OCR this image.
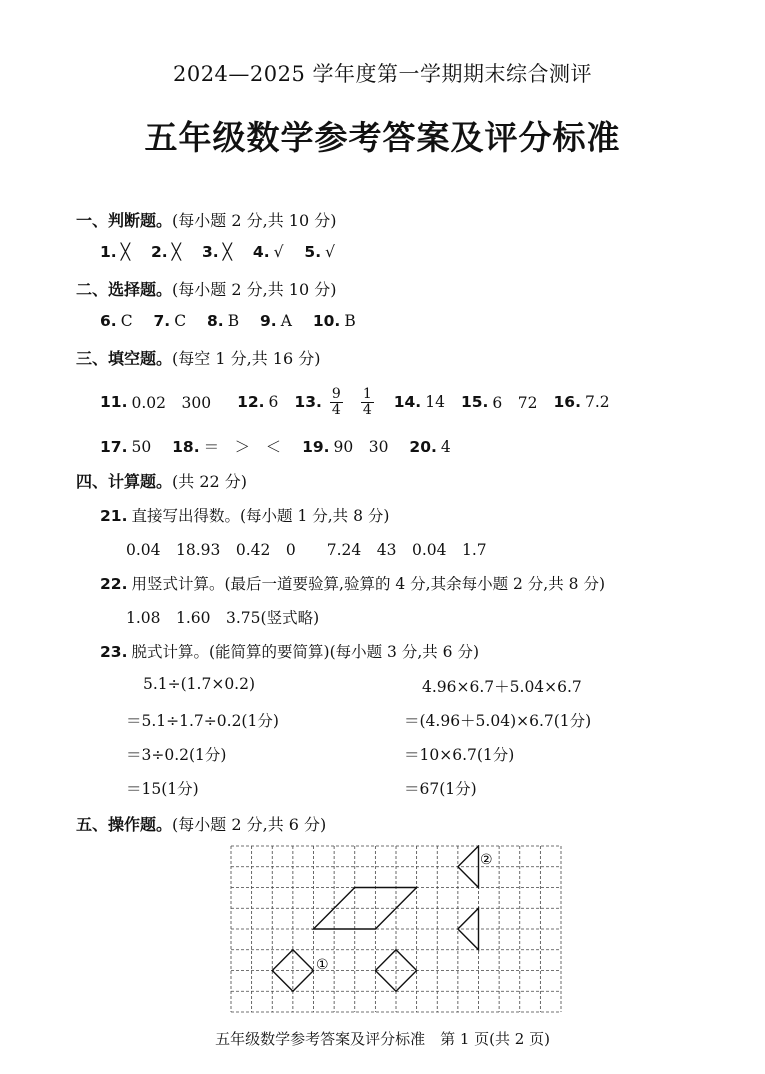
2024—2025 学年度第一学期期末综合测评
五年级数学参考答案及评分标准
一、判断题。(每小题 2 分,共 10 分)
1. ╳ 2. ╳ 3. ╳ 4. √ 5. √
二、选择题。(每小题 2 分,共 10 分)
6. C 7. C 8. B 9. A 10. B
三、填空题。(每空 1 分,共 16 分)
11. 0.02　300 12. 6 13. $\frac{9}{4} \frac{1}{4} 14$. 14 15. 6　72 16. 7.2
17. 50 18. ＝　＞　＜ 19. 90　30 20. 4
四、计算题。(共 22 分)
21. 直接写出得数。(每小题 1 分,共 8 分)
0.04　18.93　0.42　0　　7.24　43　0.04　1.7
22. 用竖式计算。(最后一道要验算,验算的 4 分,其余每小题 2 分,共 8 分)
1.08　1.60　3.75(竖式略)
23. 脱式计算。(能简算的要简算)(每小题 3 分,共 6 分)
5.1÷(1.7×0.2)
＝5.1÷1.7÷0.2(1分)
＝3÷0.2(1分)
＝15(1分)
4.96×6.7＋5.04×6.7
＝(4.96＋5.04)×6.7(1分)
＝10×6.7(1分)
＝67(1分)
五、操作题。(每小题 2 分,共 6 分)
①
②
五年级数学参考答案及评分标准　第 1 页(共 2 页)
